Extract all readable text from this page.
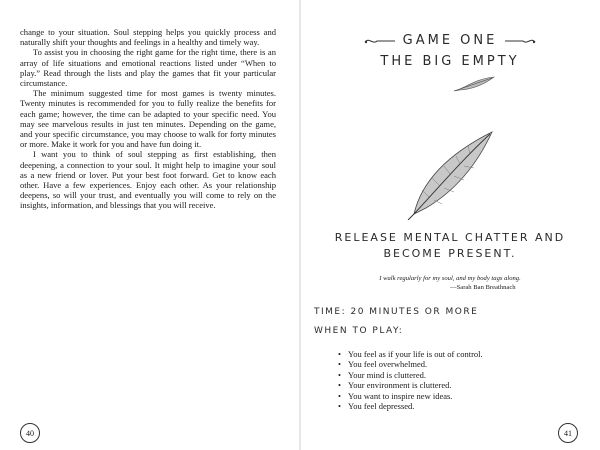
change to your situation. Soul stepping helps you quickly process and naturally shift your thoughts and feelings in a healthy and timely way.

To assist you in choosing the right game for the right time, there is an array of life situations and emotional reactions listed under “When to play.” Read through the lists and play the games that fit your particular circumstance.

The minimum suggested time for most games is twenty minutes. Twenty minutes is recommended for you to fully realize the benefits for each game; however, the time can be adapted to your specific need. You may see marvelous results in just ten minutes. Depending on the game, and your specific circumstance, you may choose to walk for forty minutes or more. Make it work for you and have fun doing it.

I want you to think of soul stepping as first establishing, then deepening, a connection to your soul. It might help to imagine your soul as a new friend or lover. Put your best foot forward. Get to know each other. Have a few experiences. Enjoy each other. As your relationship deepens, so will your trust, and eventually you will come to rely on the insights, information, and blessings that you will receive.

40
GAME ONE
THE BIG EMPTY
RELEASE MENTAL CHATTER AND
BECOME PRESENT.
I walk regularly for my soul, and my body tags along.
—Sarah Ban Breathnach
TIME: 20 MINUTES OR MORE
WHEN TO PLAY:
• You feel as if your life is out of control.
• You feel overwhelmed.
• Your mind is cluttered.
• Your environment is cluttered.
• You want to inspire new ideas.
• You feel depressed.
41
